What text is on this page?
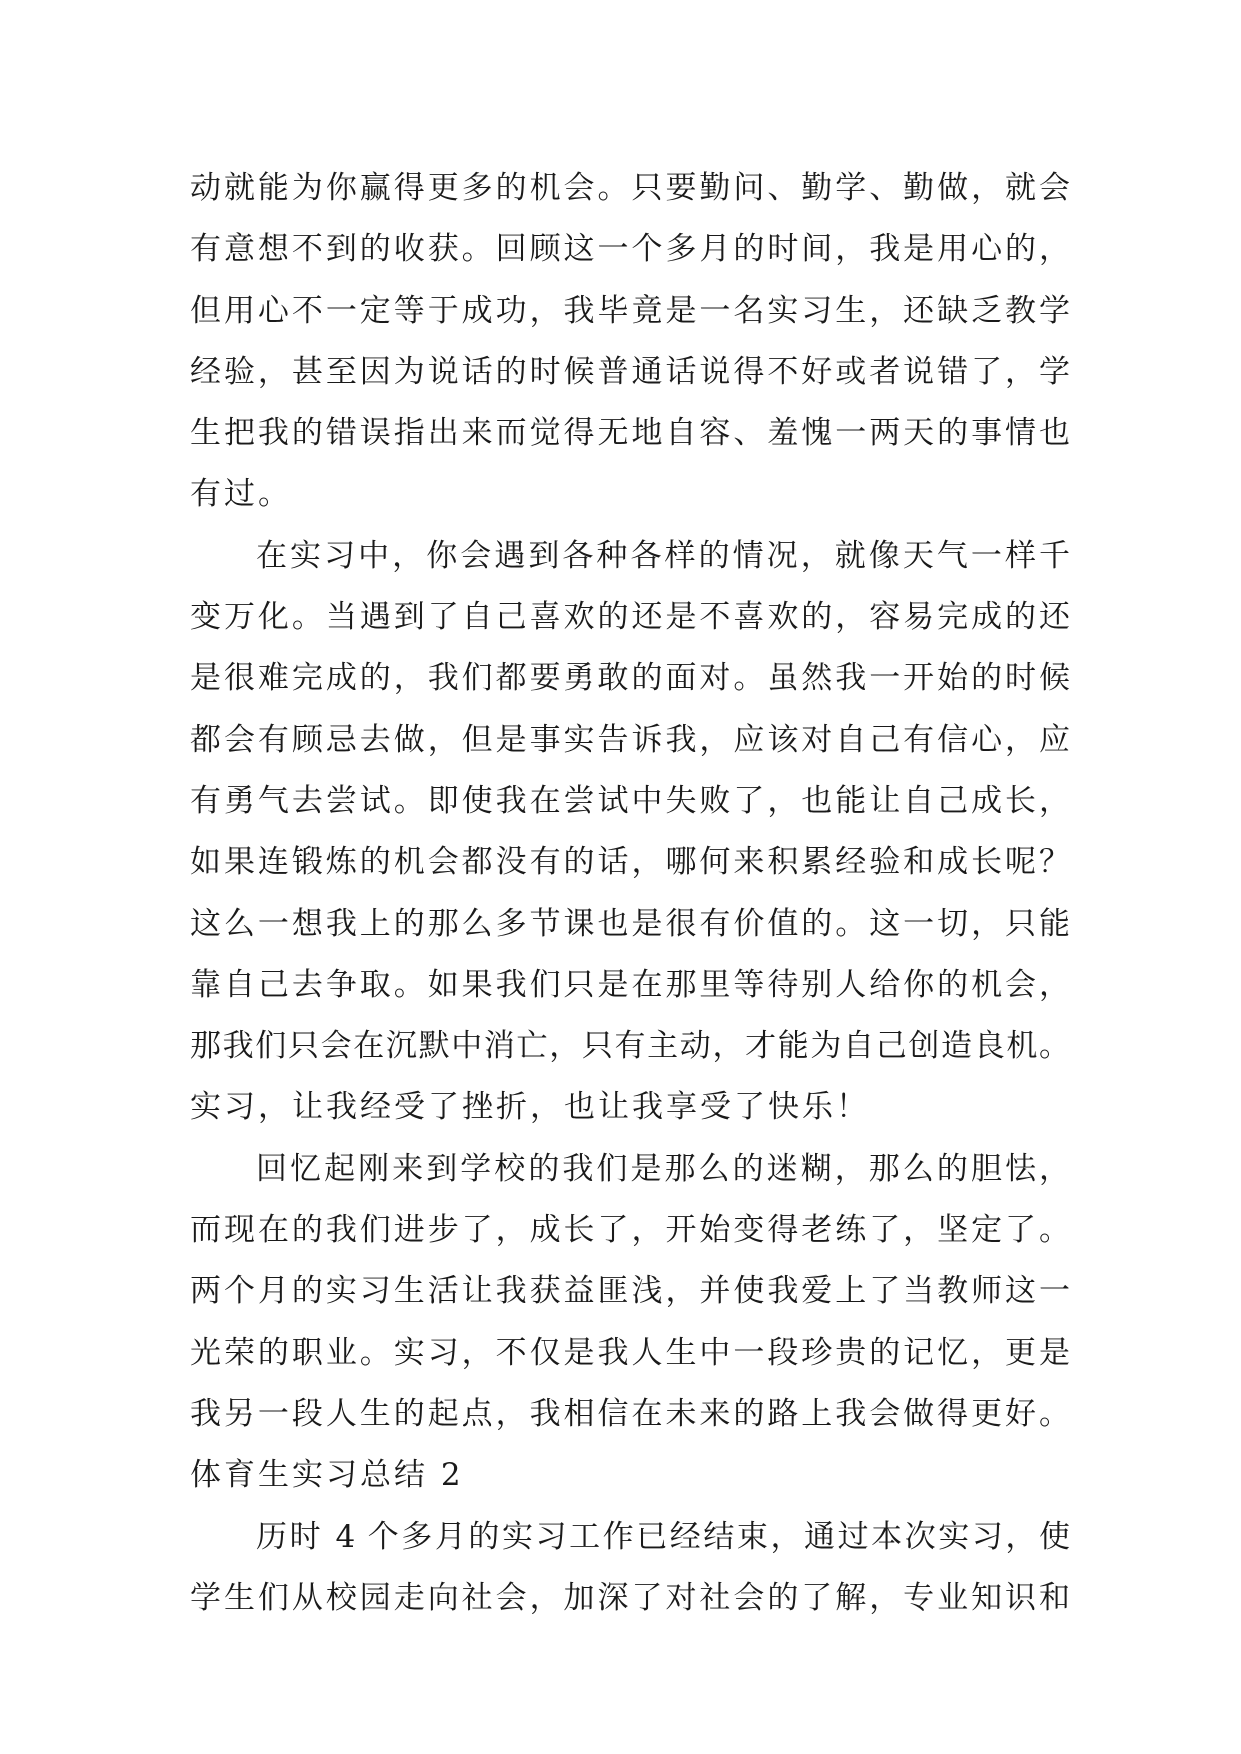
动就能为你赢得更多的机会。只要勤问、勤学、勤做，就会
有意想不到的收获。回顾这一个多月的时间，我是用心的，
但用心不一定等于成功，我毕竟是一名实习生，还缺乏教学
经验，甚至因为说话的时候普通话说得不好或者说错了，学
生把我的错误指出来而觉得无地自容、羞愧一两天的事情也
有过。
在实习中，你会遇到各种各样的情况，就像天气一样千
变万化。当遇到了自己喜欢的还是不喜欢的，容易完成的还
是很难完成的，我们都要勇敢的面对。虽然我一开始的时候
都会有顾忌去做，但是事实告诉我，应该对自己有信心，应
有勇气去尝试。即使我在尝试中失败了，也能让自己成长，
如果连锻炼的机会都没有的话，哪何来积累经验和成长呢？
这么一想我上的那么多节课也是很有价值的。这一切，只能
靠自己去争取。如果我们只是在那里等待别人给你的机会，
那我们只会在沉默中消亡，只有主动，才能为自己创造良机。
实习，让我经受了挫折，也让我享受了快乐！
回忆起刚来到学校的我们是那么的迷糊，那么的胆怯，
而现在的我们进步了，成长了，开始变得老练了，坚定了。
两个月的实习生活让我获益匪浅，并使我爱上了当教师这一
光荣的职业。实习，不仅是我人生中一段珍贵的记忆，更是
我另一段人生的起点，我相信在未来的路上我会做得更好。
体育生实习总结 2
历时 4 个多月的实习工作已经结束，通过本次实习，使
学生们从校园走向社会，加深了对社会的了解，专业知识和
